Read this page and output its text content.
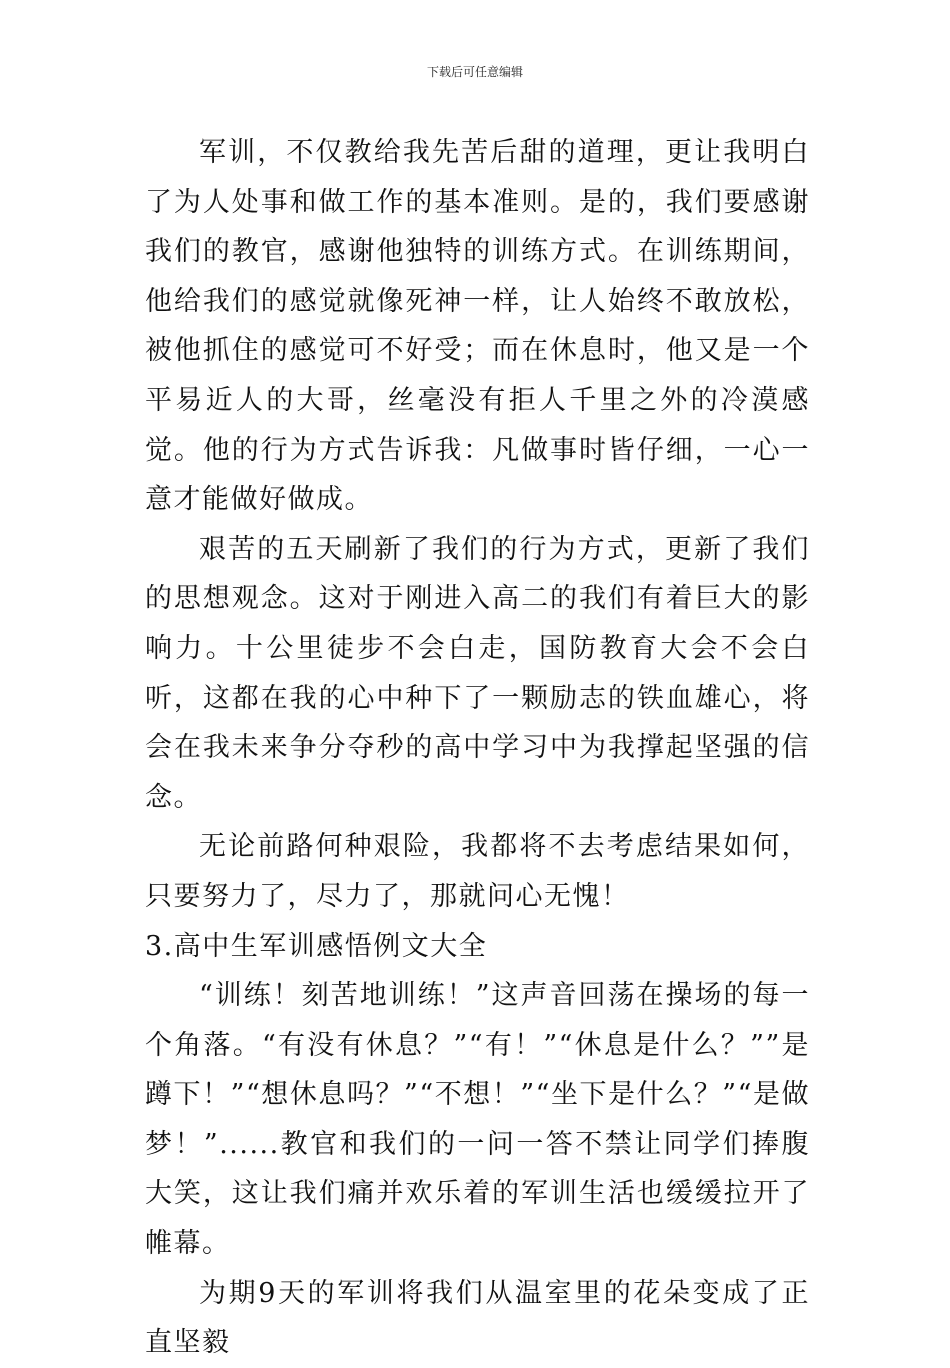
下载后可任意编辑

军训，不仅教给我先苦后甜的道理，更让我明白了为人处事和做工作的基本准则。是的，我们要感谢我们的教官，感谢他独特的训练方式。在训练期间，他给我们的感觉就像死神一样，让人始终不敢放松，被他抓住的感觉可不好受；而在休息时，他又是一个平易近人的大哥，丝毫没有拒人千里之外的冷漠感觉。他的行为方式告诉我：凡做事时皆仔细，一心一意才能做好做成。

艰苦的五天刷新了我们的行为方式，更新了我们的思想观念。这对于刚进入高二的我们有着巨大的影响力。十公里徒步不会白走，国防教育大会不会白听，这都在我的心中种下了一颗励志的铁血雄心，将会在我未来争分夺秒的高中学习中为我撑起坚强的信念。

无论前路何种艰险，我都将不去考虑结果如何，只要努力了，尽力了，那就问心无愧！

3.高中生军训感悟例文大全

“训练！刻苦地训练！”这声音回荡在操场的每一个角落。“有没有休息？”“有！”“休息是什么？””是蹲下！”“想休息吗？”“不想！”“坐下是什么？”“是做梦！”......教官和我们的一问一答不禁让同学们捧腹大笑，这让我们痛并欢乐着的军训生活也缓缓拉开了帷幕。

为期9天的军训将我们从温室里的花朵变成了正直坚毅
